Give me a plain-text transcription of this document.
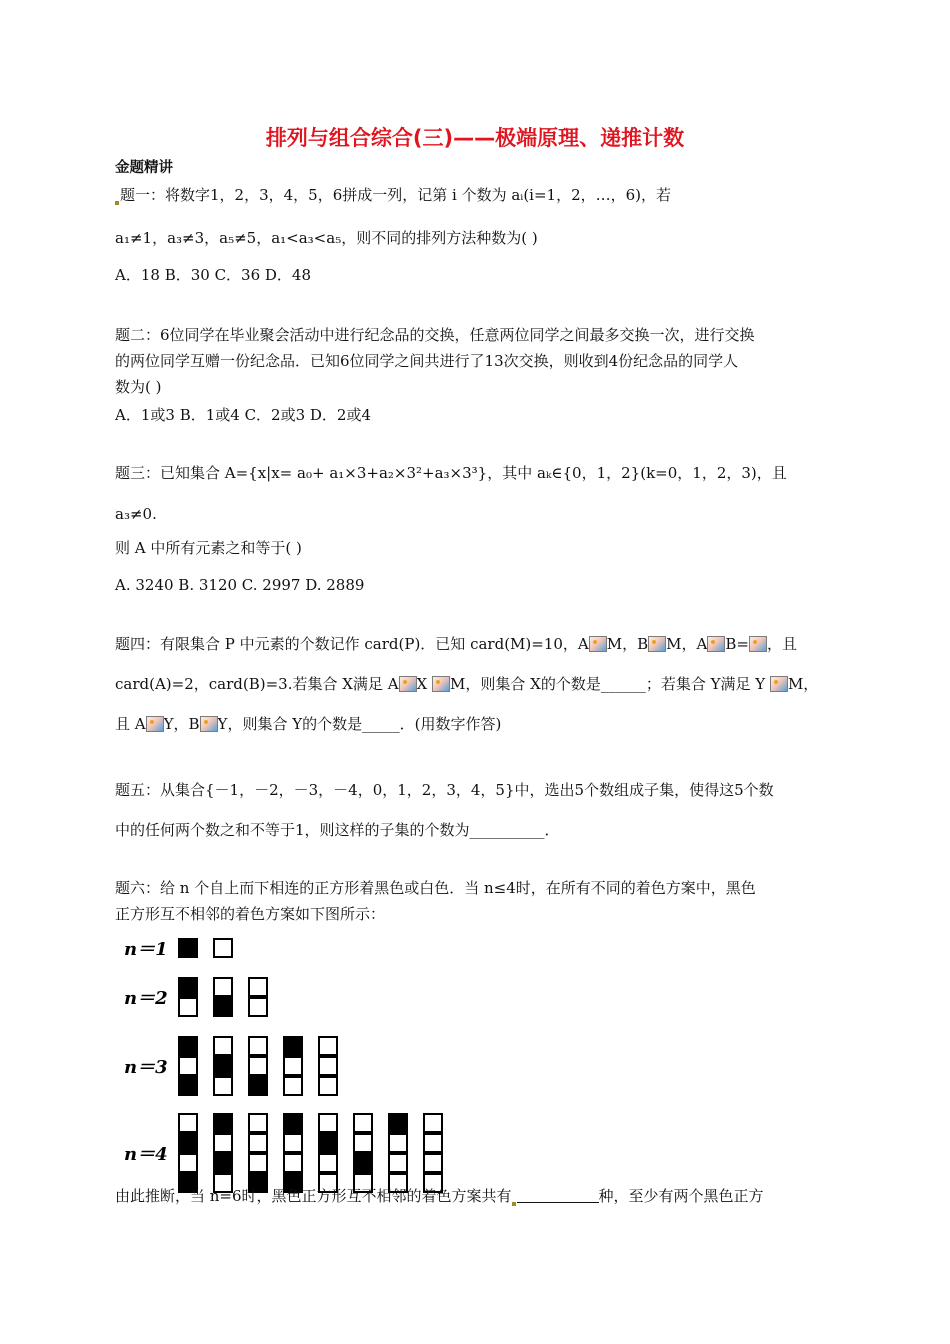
排列与组合综合(三)——极端原理、递推计数
金题精讲
题一：将数字1，2，3，4，5，6拼成一列，记第 i 个数为 aᵢ(i=1，2，…，6)，若
a₁≠1，a₃≠3，a₅≠5，a₁<a₃<a₅，则不同的排列方法种数为( )
A．18 B．30 C．36 D．48
题二：6位同学在毕业聚会活动中进行纪念品的交换，任意两位同学之间最多交换一次，进行交换
的两位同学互赠一份纪念品．已知6位同学之间共进行了13次交换，则收到4份纪念品的同学人
数为( )
A．1或3 B．1或4 C．2或3 D．2或4
题三：已知集合 A={x|x= a₀+ a₁×3+a₂×3²+a₃×3³}，其中 aₖ∈{0，1，2}(k=0，1，2，3)，且
a₃≠0.
则 A 中所有元素之和等于( )
A. 3240 B. 3120 C. 2997 D. 2889
题四：有限集合 P 中元素的个数记作 card(P)．已知 card(M)=10，A M，B M，A B= ，且
card(A)=2，card(B)=3.若集合 X满足 A X M，则集合 X的个数是______；若集合 Y满足 Y M，
且 A Y，B Y，则集合 Y的个数是_____．(用数字作答)
题五：从集合{－1，－2，－3，－4，0，1，2，3，4，5}中，选出5个数组成子集，使得这5个数
中的任何两个数之和不等于1，则这样的子集的个数为__________．
题六：给 n 个自上而下相连的正方形着黑色或白色．当 n≤4时，在所有不同的着色方案中，黑色
正方形互不相邻的着色方案如下图所示：
n＝1
n＝2
n＝3
n＝4
由此推断，当 n=6时，黑色正方形互不相邻的着色方案共有	种，至少有两个黑色正方
